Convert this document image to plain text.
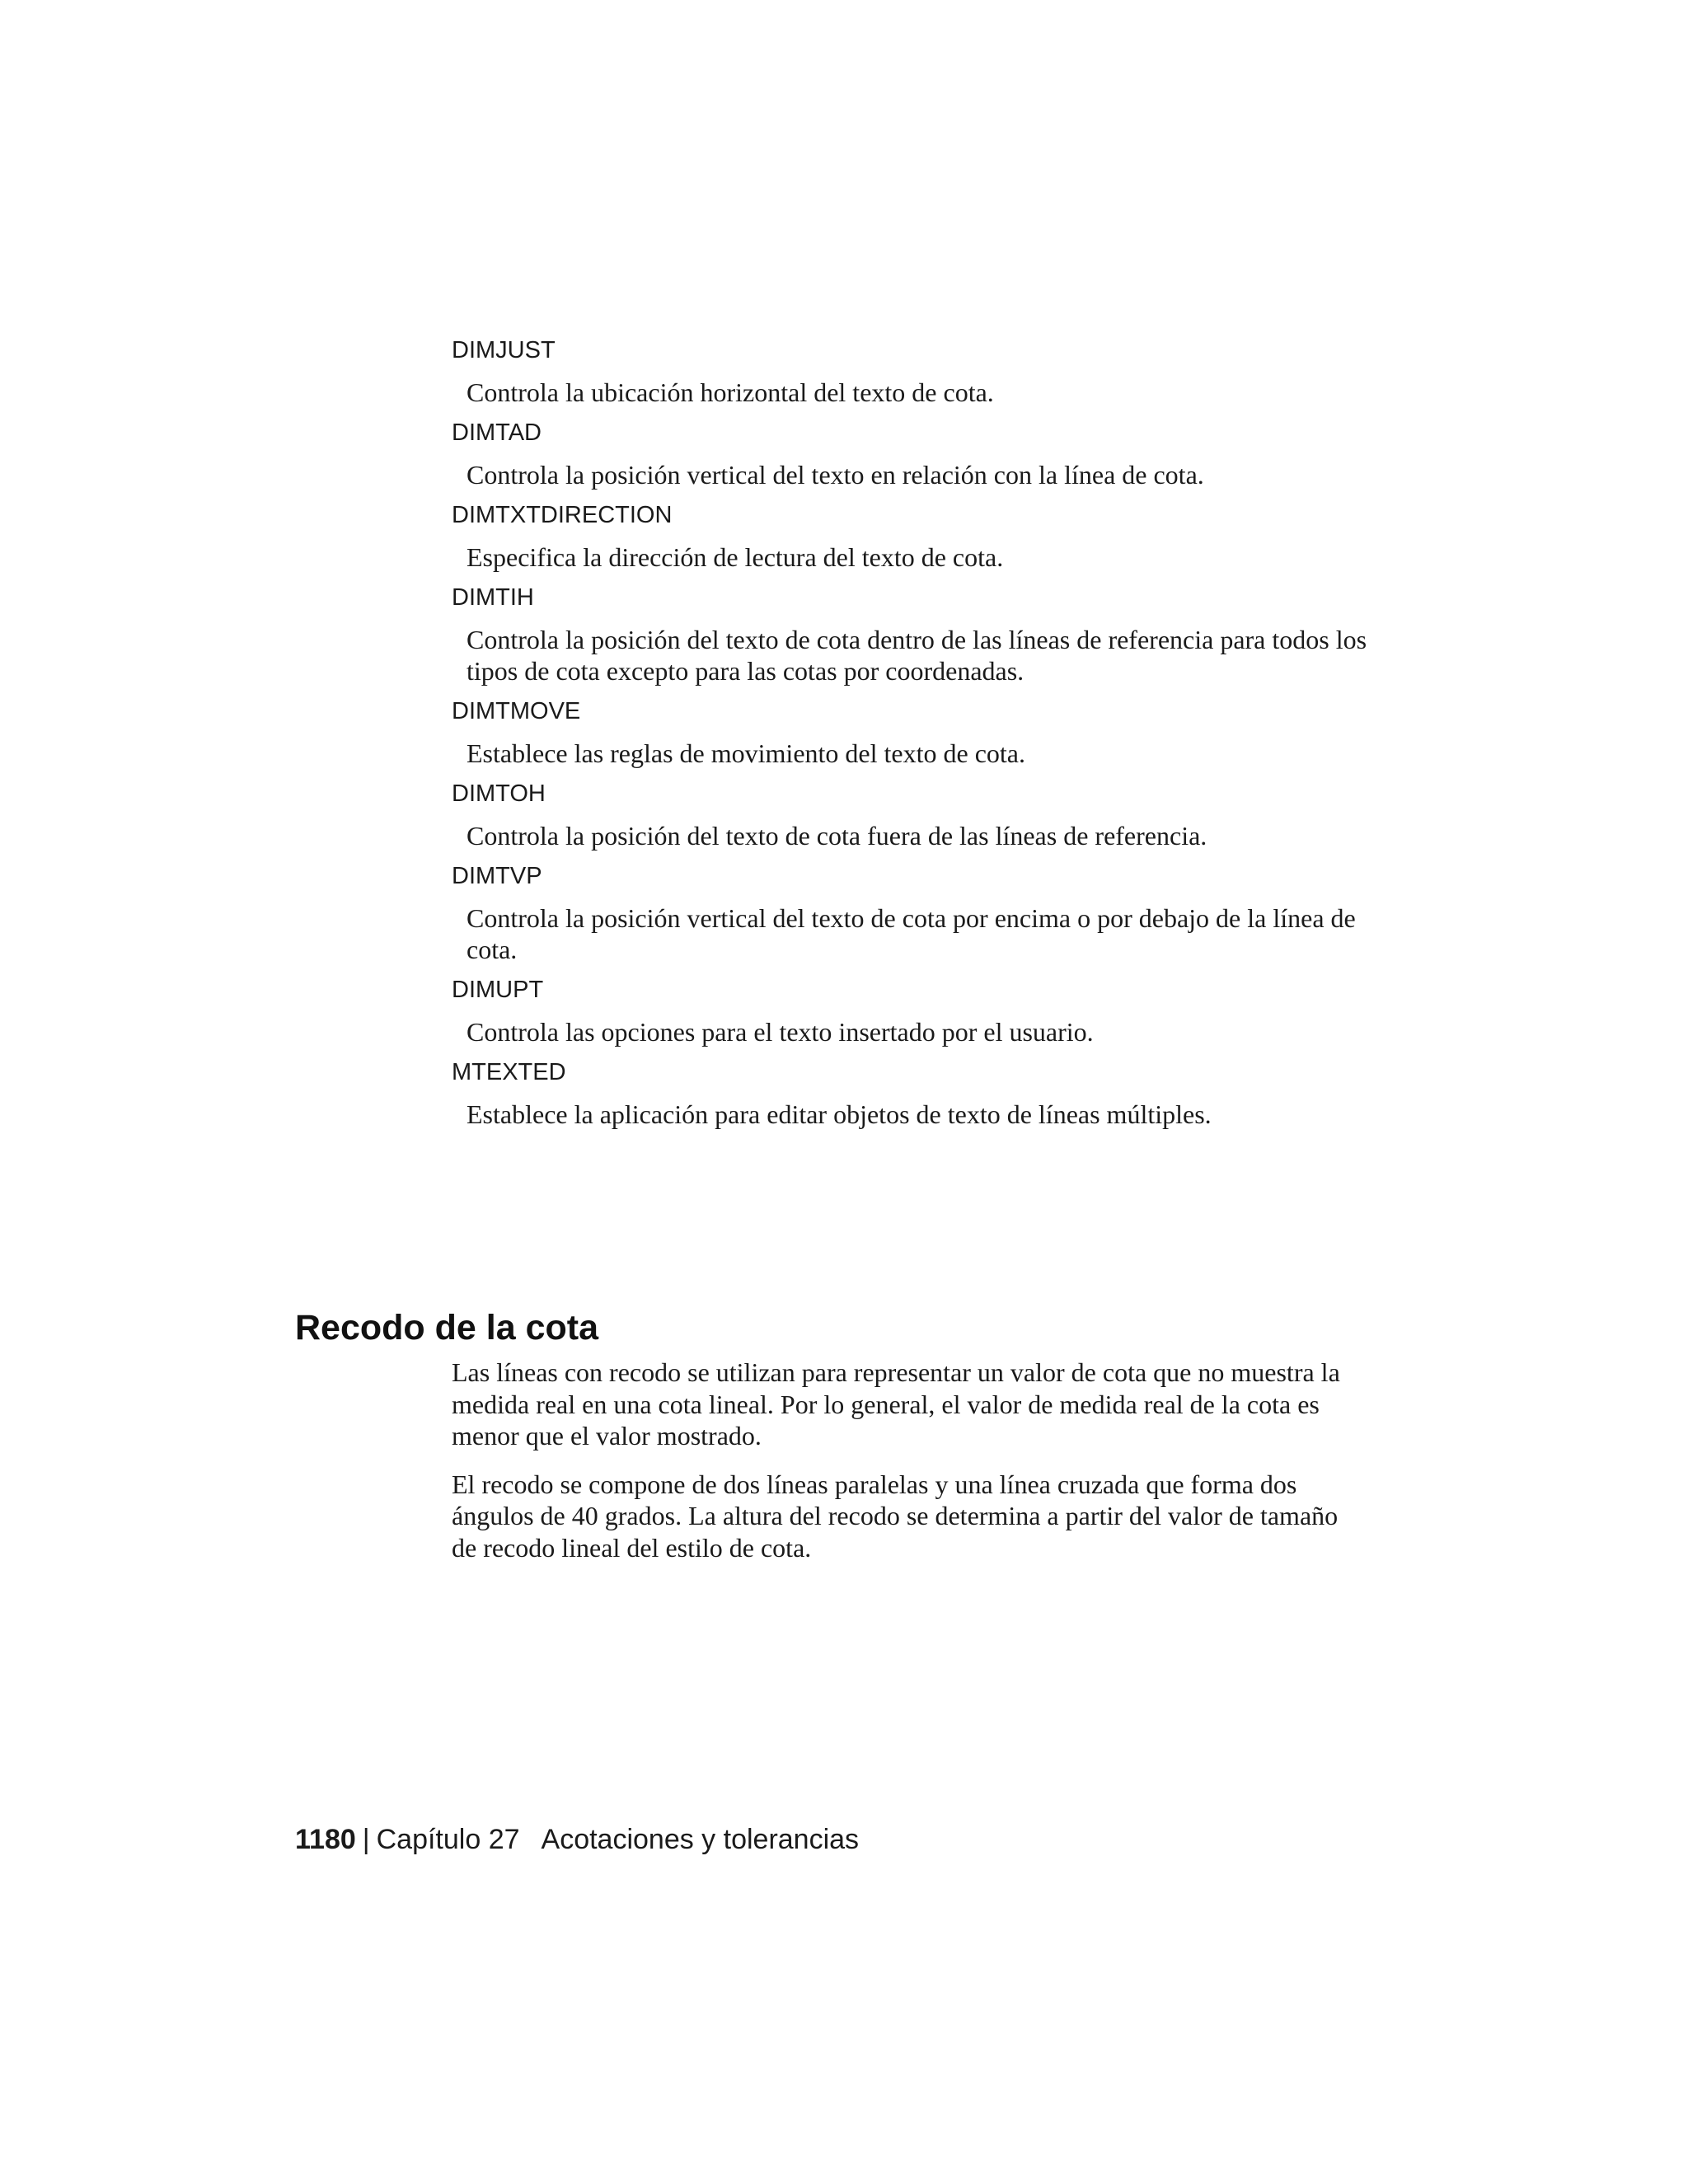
DIMJUST
Controla la ubicación horizontal del texto de cota.
DIMTAD
Controla la posición vertical del texto en relación con la línea de cota.
DIMTXTDIRECTION
Especifica la dirección de lectura del texto de cota.
DIMTIH
Controla la posición del texto de cota dentro de las líneas de referencia para todos los tipos de cota excepto para las cotas por coordenadas.
DIMTMOVE
Establece las reglas de movimiento del texto de cota.
DIMTOH
Controla la posición del texto de cota fuera de las líneas de referencia.
DIMTVP
Controla la posición vertical del texto de cota por encima o por debajo de la línea de cota.
DIMUPT
Controla las opciones para el texto insertado por el usuario.
MTEXTED
Establece la aplicación para editar objetos de texto de líneas múltiples.
Recodo de la cota

Las líneas con recodo se utilizan para representar un valor de cota que no muestra la medida real en una cota lineal. Por lo general, el valor de medida real de la cota es menor que el valor mostrado.

El recodo se compone de dos líneas paralelas y una línea cruzada que forma dos ángulos de 40 grados. La altura del recodo se determina a partir del valor de tamaño de recodo lineal del estilo de cota.

1180 | Capítulo 27 Acotaciones y tolerancias
